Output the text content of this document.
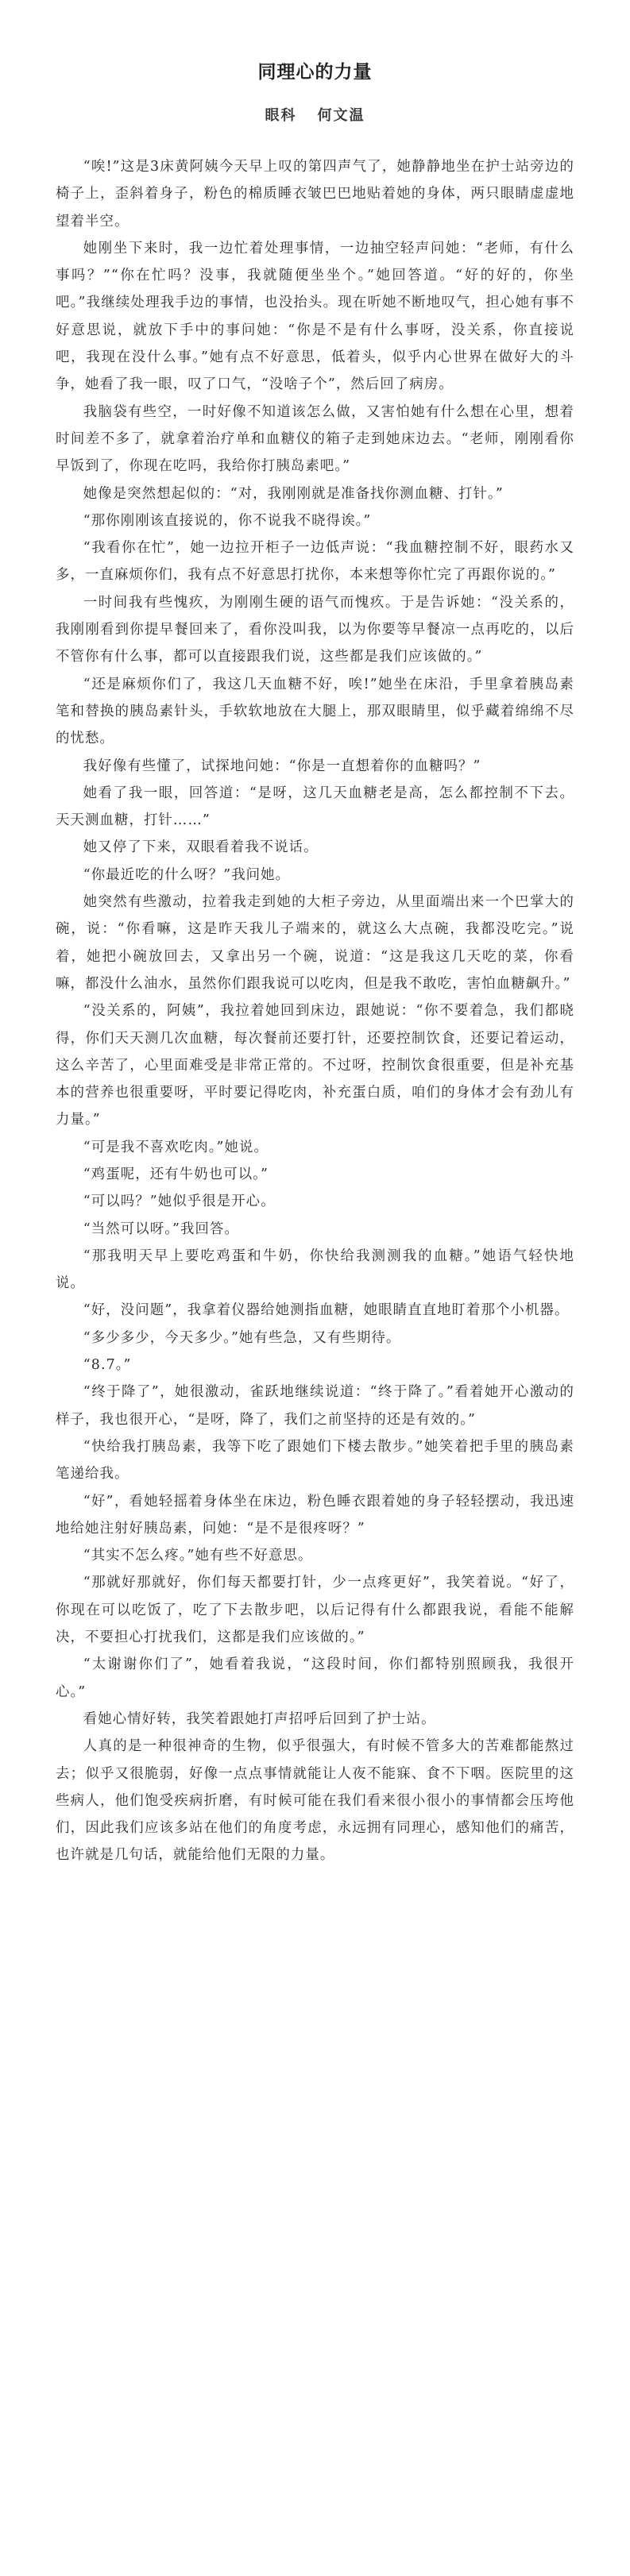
同理心的力量
眼科 何文温

“唉!”这是3床黄阿姨今天早上叹的第四声气了，她静静地坐在护士站旁边的椅子上，歪斜着身子，粉色的棉质睡衣皱巴巴地贴着她的身体，两只眼睛虚虚地望着半空。

她刚坐下来时，我一边忙着处理事情，一边抽空轻声问她：“老师，有什么事吗？”“你在忙吗？没事，我就随便坐坐个。”她回答道。“好的好的，你坐吧。”我继续处理我手边的事情，也没抬头。现在听她不断地叹气，担心她有事不好意思说，就放下手中的事问她：“你是不是有什么事呀，没关系，你直接说吧，我现在没什么事。”她有点不好意思，低着头，似乎内心世界在做好大的斗争，她看了我一眼，叹了口气，“没啥子个”，然后回了病房。

我脑袋有些空，一时好像不知道该怎么做，又害怕她有什么想在心里，想着时间差不多了，就拿着治疗单和血糖仪的箱子走到她床边去。“老师，刚刚看你早饭到了，你现在吃吗，我给你打胰岛素吧。”

她像是突然想起似的：“对，我刚刚就是准备找你测血糖、打针。”

“那你刚刚该直接说的，你不说我不晓得诶。”

“我看你在忙”，她一边拉开柜子一边低声说：“我血糖控制不好，眼药水又多，一直麻烦你们，我有点不好意思打扰你，本来想等你忙完了再跟你说的。”

一时间我有些愧疚，为刚刚生硬的语气而愧疚。于是告诉她：“没关系的，我刚刚看到你提早餐回来了，看你没叫我，以为你要等早餐凉一点再吃的，以后不管你有什么事，都可以直接跟我们说，这些都是我们应该做的。”

“还是麻烦你们了，我这几天血糖不好，唉!”她坐在床沿，手里拿着胰岛素笔和替换的胰岛素针头，手软软地放在大腿上，那双眼睛里，似乎藏着绵绵不尽的忧愁。

我好像有些懂了，试探地问她：“你是一直想着你的血糖吗？”

她看了我一眼，回答道：“是呀，这几天血糖老是高，怎么都控制不下去。天天测血糖，打针……”

她又停了下来，双眼看着我不说话。

“你最近吃的什么呀？”我问她。

她突然有些激动，拉着我走到她的大柜子旁边，从里面端出来一个巴掌大的碗，说：“你看嘛，这是昨天我儿子端来的，就这么大点碗，我都没吃完。”说着，她把小碗放回去，又拿出另一个碗，说道：“这是我这几天吃的菜，你看嘛，都没什么油水，虽然你们跟我说可以吃肉，但是我不敢吃，害怕血糖飙升。”

“没关系的，阿姨”，我拉着她回到床边，跟她说：“你不要着急，我们都晓得，你们天天测几次血糖，每次餐前还要打针，还要控制饮食，还要记着运动，这么辛苦了，心里面难受是非常正常的。不过呀，控制饮食很重要，但是补充基本的营养也很重要呀，平时要记得吃肉，补充蛋白质，咱们的身体才会有劲儿有力量。”

“可是我不喜欢吃肉。”她说。

“鸡蛋呢，还有牛奶也可以。”

“可以吗？”她似乎很是开心。

“当然可以呀。”我回答。

“那我明天早上要吃鸡蛋和牛奶，你快给我测测我的血糖。”她语气轻快地说。

“好，没问题”，我拿着仪器给她测指血糖，她眼睛直直地盯着那个小机器。

“多少多少，今天多少。”她有些急，又有些期待。

“8.7。”

“终于降了”，她很激动，雀跃地继续说道：“终于降了。”看着她开心激动的样子，我也很开心，“是呀，降了，我们之前坚持的还是有效的。”

“快给我打胰岛素，我等下吃了跟她们下楼去散步。”她笑着把手里的胰岛素笔递给我。

“好”，看她轻摇着身体坐在床边，粉色睡衣跟着她的身子轻轻摆动，我迅速地给她注射好胰岛素，问她：“是不是很疼呀？”

“其实不怎么疼。”她有些不好意思。

“那就好那就好，你们每天都要打针，少一点疼更好”，我笑着说。“好了，你现在可以吃饭了，吃了下去散步吧，以后记得有什么都跟我说，看能不能解决，不要担心打扰我们，这都是我们应该做的。”

“太谢谢你们了”，她看着我说，“这段时间，你们都特别照顾我，我很开心。”

看她心情好转，我笑着跟她打声招呼后回到了护士站。

人真的是一种很神奇的生物，似乎很强大，有时候不管多大的苦难都能熬过去；似乎又很脆弱，好像一点点事情就能让人夜不能寐、食不下咽。医院里的这些病人，他们饱受疾病折磨，有时候可能在我们看来很小很小的事情都会压垮他们，因此我们应该多站在他们的角度考虑，永远拥有同理心，感知他们的痛苦，也许就是几句话，就能给他们无限的力量。
